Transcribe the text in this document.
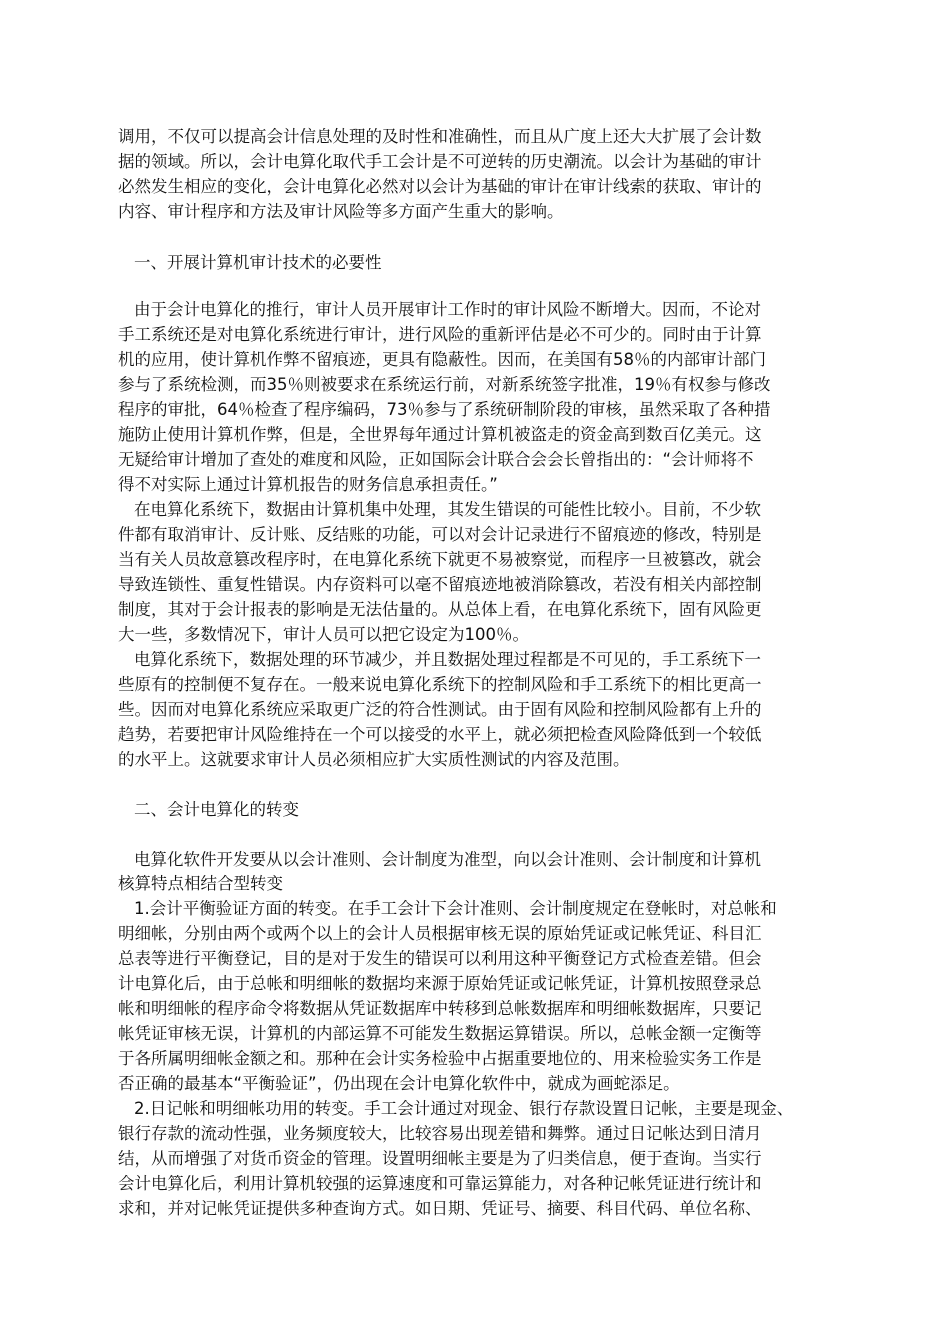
调用，不仅可以提高会计信息处理的及时性和准确性，而且从广度上还大大扩展了会计数
据的领域。所以，会计电算化取代手工会计是不可逆转的历史潮流。以会计为基础的审计
必然发生相应的变化，会计电算化必然对以会计为基础的审计在审计线索的获取、审计的
内容、审计程序和方法及审计风险等多方面产生重大的影响。
一、开展计算机审计技术的必要性
由于会计电算化的推行，审计人员开展审计工作时的审计风险不断增大。因而，不论对
手工系统还是对电算化系统进行审计，进行风险的重新评估是必不可少的。同时由于计算
机的应用，使计算机作弊不留痕迹，更具有隐蔽性。因而，在美国有58％的内部审计部门
参与了系统检测，而35％则被要求在系统运行前，对新系统签字批准，19％有权参与修改
程序的审批，64％检查了程序编码，73％参与了系统研制阶段的审核，虽然采取了各种措
施防止使用计算机作弊，但是，全世界每年通过计算机被盗走的资金高到数百亿美元。这
无疑给审计增加了查处的难度和风险，正如国际会计联合会会长曾指出的：“会计师将不
得不对实际上通过计算机报告的财务信息承担责任。”
在电算化系统下，数据由计算机集中处理，其发生错误的可能性比较小。目前，不少软
件都有取消审计、反计账、反结账的功能，可以对会计记录进行不留痕迹的修改，特别是
当有关人员故意篡改程序时，在电算化系统下就更不易被察觉，而程序一旦被篡改，就会
导致连锁性、重复性错误。内存资料可以毫不留痕迹地被消除篡改，若没有相关内部控制
制度，其对于会计报表的影响是无法估量的。从总体上看，在电算化系统下，固有风险更
大一些，多数情况下，审计人员可以把它设定为100％。
电算化系统下，数据处理的环节减少，并且数据处理过程都是不可见的，手工系统下一
些原有的控制便不复存在。一般来说电算化系统下的控制风险和手工系统下的相比更高一
些。因而对电算化系统应采取更广泛的符合性测试。由于固有风险和控制风险都有上升的
趋势，若要把审计风险维持在一个可以接受的水平上，就必须把检查风险降低到一个较低
的水平上。这就要求审计人员必须相应扩大实质性测试的内容及范围。
二、会计电算化的转变
电算化软件开发要从以会计准则、会计制度为准型，向以会计准则、会计制度和计算机
核算特点相结合型转变
1.会计平衡验证方面的转变。在手工会计下会计准则、会计制度规定在登帐时，对总帐和
明细帐，分别由两个或两个以上的会计人员根据审核无误的原始凭证或记帐凭证、科目汇
总表等进行平衡登记，目的是对于发生的错误可以利用这种平衡登记方式检查差错。但会
计电算化后，由于总帐和明细帐的数据均来源于原始凭证或记帐凭证，计算机按照登录总
帐和明细帐的程序命令将数据从凭证数据库中转移到总帐数据库和明细帐数据库，只要记
帐凭证审核无误，计算机的内部运算不可能发生数据运算错误。所以，总帐金额一定衡等
于各所属明细帐金额之和。那种在会计实务检验中占据重要地位的、用来检验实务工作是
否正确的最基本“平衡验证”，仍出现在会计电算化软件中，就成为画蛇添足。
2.日记帐和明细帐功用的转变。手工会计通过对现金、银行存款设置日记帐，主要是现金、
银行存款的流动性强，业务频度较大，比较容易出现差错和舞弊。通过日记帐达到日清月
结，从而增强了对货币资金的管理。设置明细帐主要是为了归类信息，便于查询。当实行
会计电算化后，利用计算机较强的运算速度和可靠运算能力，对各种记帐凭证进行统计和
求和，并对记帐凭证提供多种查询方式。如日期、凭证号、摘要、科目代码、单位名称、
